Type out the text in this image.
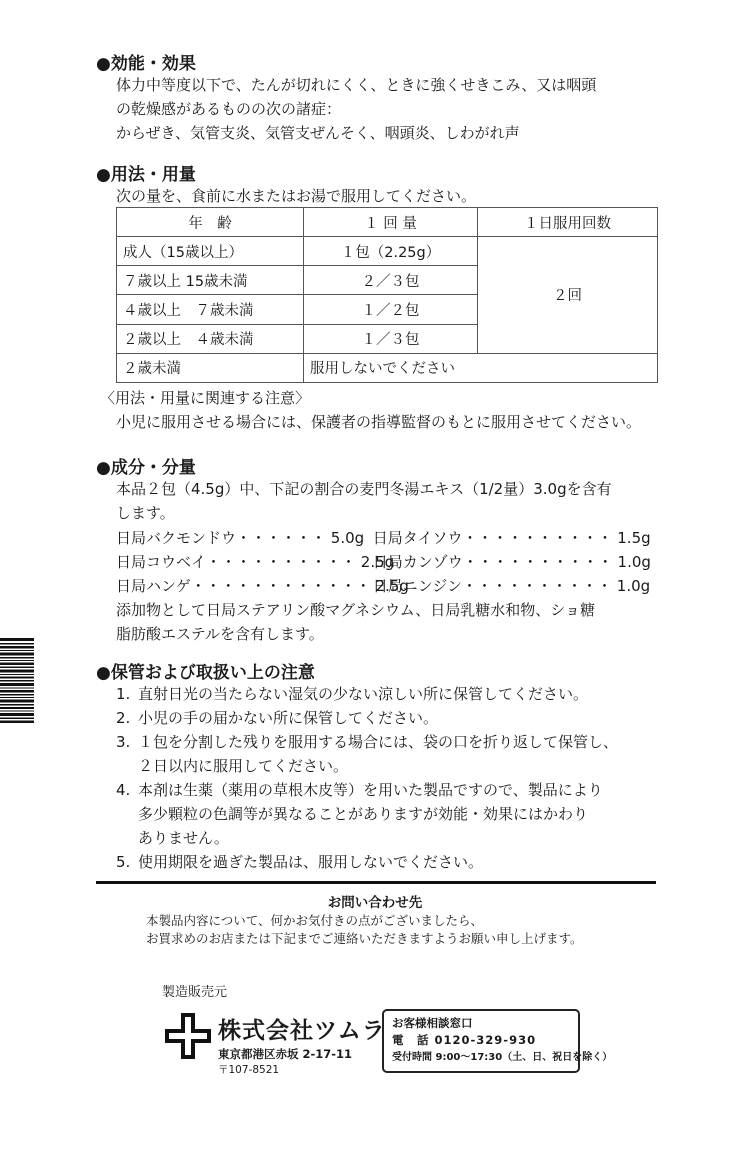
●効能・効果
体力中等度以下で、たんが切れにくく、ときに強くせきこみ、又は咽頭
の乾燥感があるものの次の諸症：
からぜき、気管支炎、気管支ぜんそく、咽頭炎、しわがれ声
●用法・用量
次の量を、食前に水またはお湯で服用してください。
年　齢	１ 回 量	１日服用回数
成人（15歳以上）	１包（2.25g）	２回
７歳以上 15歳未満	２／３包	
４歳以上　７歳未満	１／２包	
２歳以上　４歳未満	１／３包	
２歳未満	服用しないでください	
〈用法・用量に関連する注意〉
小児に服用させる場合には、保護者の指導監督のもとに服用させてください。
●成分・分量
本品２包（4.5g）中、下記の割合の麦門冬湯エキス（1/2量）3.0gを含有
します。
日局バクモンドウ・・・・・・ 5.0g 日局タイソウ・・・・・・・・・・ 1.5g
日局コウベイ・・・・・・・・・・ 2.5g 日局カンゾウ・・・・・・・・・・ 1.0g
日局ハンゲ・・・・・・・・・・・・ 2.5g 日局ニンジン・・・・・・・・・・ 1.0g
添加物として日局ステアリン酸マグネシウム、日局乳糖水和物、ショ糖
脂肪酸エステルを含有します。
●保管および取扱い上の注意
1. 直射日光の当たらない湿気の少ない涼しい所に保管してください。
2. 小児の手の届かない所に保管してください。
3. １包を分割した残りを服用する場合には、袋の口を折り返して保管し、
２日以内に服用してください。
4. 本剤は生薬（薬用の草根木皮等）を用いた製品ですので、製品により
多少顆粒の色調等が異なることがありますが効能・効果にはかわり
ありません。
5. 使用期限を過ぎた製品は、服用しないでください。
お問い合わせ先
本製品内容について、何かお気付きの点がございましたら、
お買求めのお店または下記までご連絡いただきますようお願い申し上げます。
製造販売元
株式会社ツムラ
東京都港区赤坂 2-17-11
〒107-8521
お客様相談窓口
電　話 0120-329-930
受付時間 9:00〜17:30（土、日、祝日を除く）
